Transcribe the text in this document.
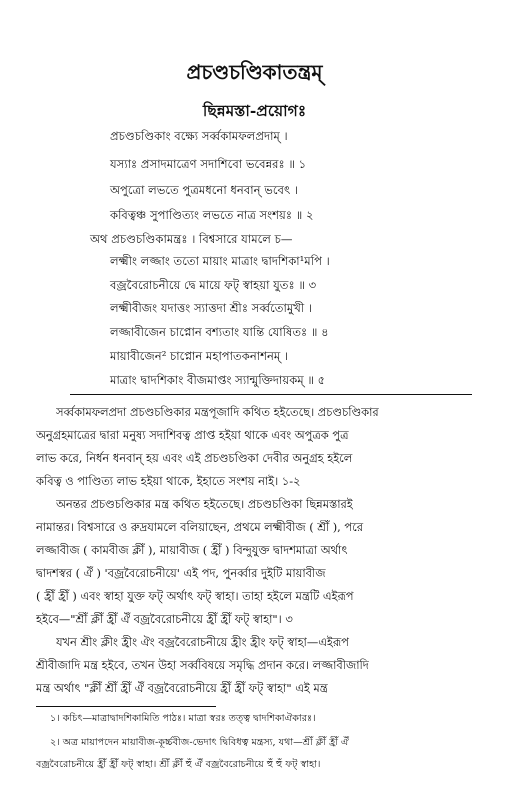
প্রচণ্ডচণ্ডিকাতন্ত্রম্
ছিন্নমস্তা-প্রয়োগঃ
প্রচণ্ডচণ্ডিকাং বক্ষ্যে সর্ব্বকামফলপ্রদাম্ ।
যস্যাঃ প্রসাদমাত্রেণ সদাশিবো ভবেন্নরঃ ॥ ১
অপুত্রো লভতে পুত্রমধনো ধনবান্ ভবেৎ ।
কবিত্বঞ্চ সুপাণ্ডিত্যং লভতে নাত্র সংশয়ঃ ॥ ২
অথ প্রচণ্ডচণ্ডিকামন্ত্রঃ । বিশ্বসারে যামলে চ—
লক্ষ্মীং লজ্জাং ততো মায়াং মাত্রাং দ্বাদশিকা¹মপি ।
বজ্রবৈরোচনীয়ে দ্বে মায়ে ফট্ স্বাহয়া যুতঃ ॥ ৩
লক্ষ্মীবীজং যদাত্তং স্যাত্তদা শ্রীঃ সর্ব্বতোমুখী ।
লজ্জাবীজেন চাপ্নোন বশ্যতাং যান্তি যোষিতঃ ॥ ৪
মায়াবীজেন² চাপ্নোন মহাপাতকনাশনম্ ।
মাত্রাং দ্বাদশিকাং বীজমাপ্তং স্যান্মুক্তিদায়কম্ ॥ ৫
সর্ব্বকামফলপ্রদা প্রচণ্ডচণ্ডিকার মন্ত্রপূজাদি কথিত হইতেছে। প্রচণ্ডচণ্ডিকার
অনুগ্রহমাত্রের দ্বারা মনুষ্য সদাশিবত্ব প্রাপ্ত হইয়া থাকে এবং অপুত্রক পুত্র
লাভ করে, নির্ধন ধনবান্ হয় এবং এই প্রচণ্ডচণ্ডিকা দেবীর অনুগ্রহ হইলে
কবিত্ব ও পাণ্ডিত্য লাভ হইয়া থাকে, ইহাতে সংশয় নাই। ১-২
অনন্তর প্রচণ্ডচণ্ডিকার মন্ত্র কথিত হইতেছে। প্রচণ্ডচণ্ডিকা ছিন্নমস্তারই
নামান্তর। বিশ্বসারে ও রুদ্রযামলে বলিয়াছেন, প্রথমে লক্ষ্মীবীজ ( শ্রীঁ ), পরে
লজ্জাবীজ ( কামবীজ ক্লীঁ ), মায়াবীজ ( হ্রীঁ ) বিন্দুযুক্ত দ্বাদশমাত্রা অর্থাৎ
দ্বাদশস্বর ( ঐঁ ) 'বজ্রবৈরোচনীয়ে' এই পদ, পুনর্ব্বার দুইটি মায়াবীজ
( হ্রীঁ হ্রীঁ ) এবং স্বাহা যুক্ত ফট্ অর্থাৎ ফট্ স্বাহা। তাহা হইলে মন্ত্রটি এইরূপ
হইবে—"শ্রীঁ ক্লীঁ হ্রীঁ ঐঁ বজ্রবৈরোচনীয়ে হ্রীঁ হ্রীঁ ফট্ স্বাহা"। ৩
যখন শ্রীং ক্লীং হ্রীং ঐং বজ্রবৈরোচনীয়ে হ্রীং হ্রীং ফট্ স্বাহা—এইরূপ
শ্রীবীজাদি মন্ত্র হইবে, তখন উহা সর্ব্ববিষয়ে সমৃদ্ধি প্রদান করে। লজ্জাবীজাদি
মন্ত্র অর্থাৎ "ক্লীঁ শ্রীঁ হ্রীঁ ঐঁ বজ্রবৈরোচনীয়ে হ্রীঁ হ্রীঁ ফট্ স্বাহা" এই মন্ত্র
১। কচিৎ—মাত্রাদ্বাদশিকামিতি পাঠঃ। মাত্রা স্বরঃ তত্ত্ব দ্বাদশিকাঐকারঃ।
২। অত্র মায়াপদেন মায়াবীজ-কূর্চ্চবীজ-ভেদাৎ দ্বিবিধত্ব মন্ত্রস্য, যথা—শ্রীঁ ক্লীঁ হ্রীঁ ঐঁ
বজ্রবৈরোচনীয়ে হ্রীঁ হ্রীঁ ফট্ স্বাহা। শ্রীঁ ক্লীঁ হুঁ ঐঁ বজ্রবৈরোচনীয়ে হুঁ হুঁ ফট্ স্বাহা।
